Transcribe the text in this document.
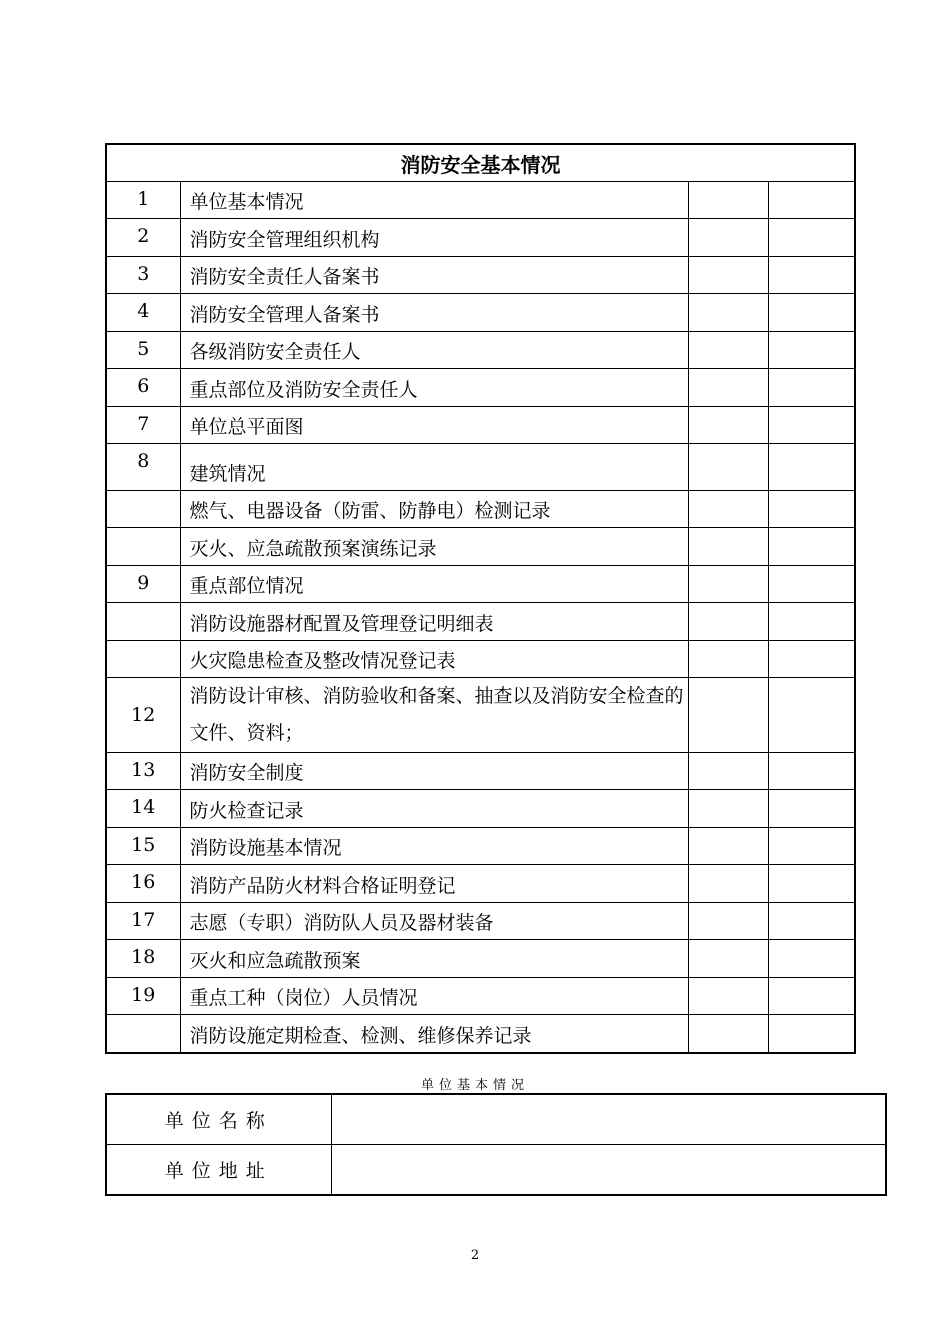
消防安全基本情况			
1	单位基本情况		
2	消防安全管理组织机构		
3	消防安全责任人备案书		
4	消防安全管理人备案书		
5	各级消防安全责任人		
6	重点部位及消防安全责任人		
7	单位总平面图		
8	建筑情况		
	燃气、电器设备（防雷、防静电）检测记录		
	灭火、应急疏散预案演练记录		
9	重点部位情况		
	消防设施器材配置及管理登记明细表		
	火灾隐患检查及整改情况登记表		
12	消防设计审核、消防验收和备案、抽查以及消防安全检查的文件、资料；		
13	消防安全制度		
14	防火检查记录		
15	消防设施基本情况		
16	消防产品防火材料合格证明登记		
17	志愿（专职）消防队人员及器材装备		
18	灭火和应急疏散预案		
19	重点工种（岗位）人员情况		
	消防设施定期检查、检测、维修保养记录		
单位基本情况
单位名称	
单位地址	
2
